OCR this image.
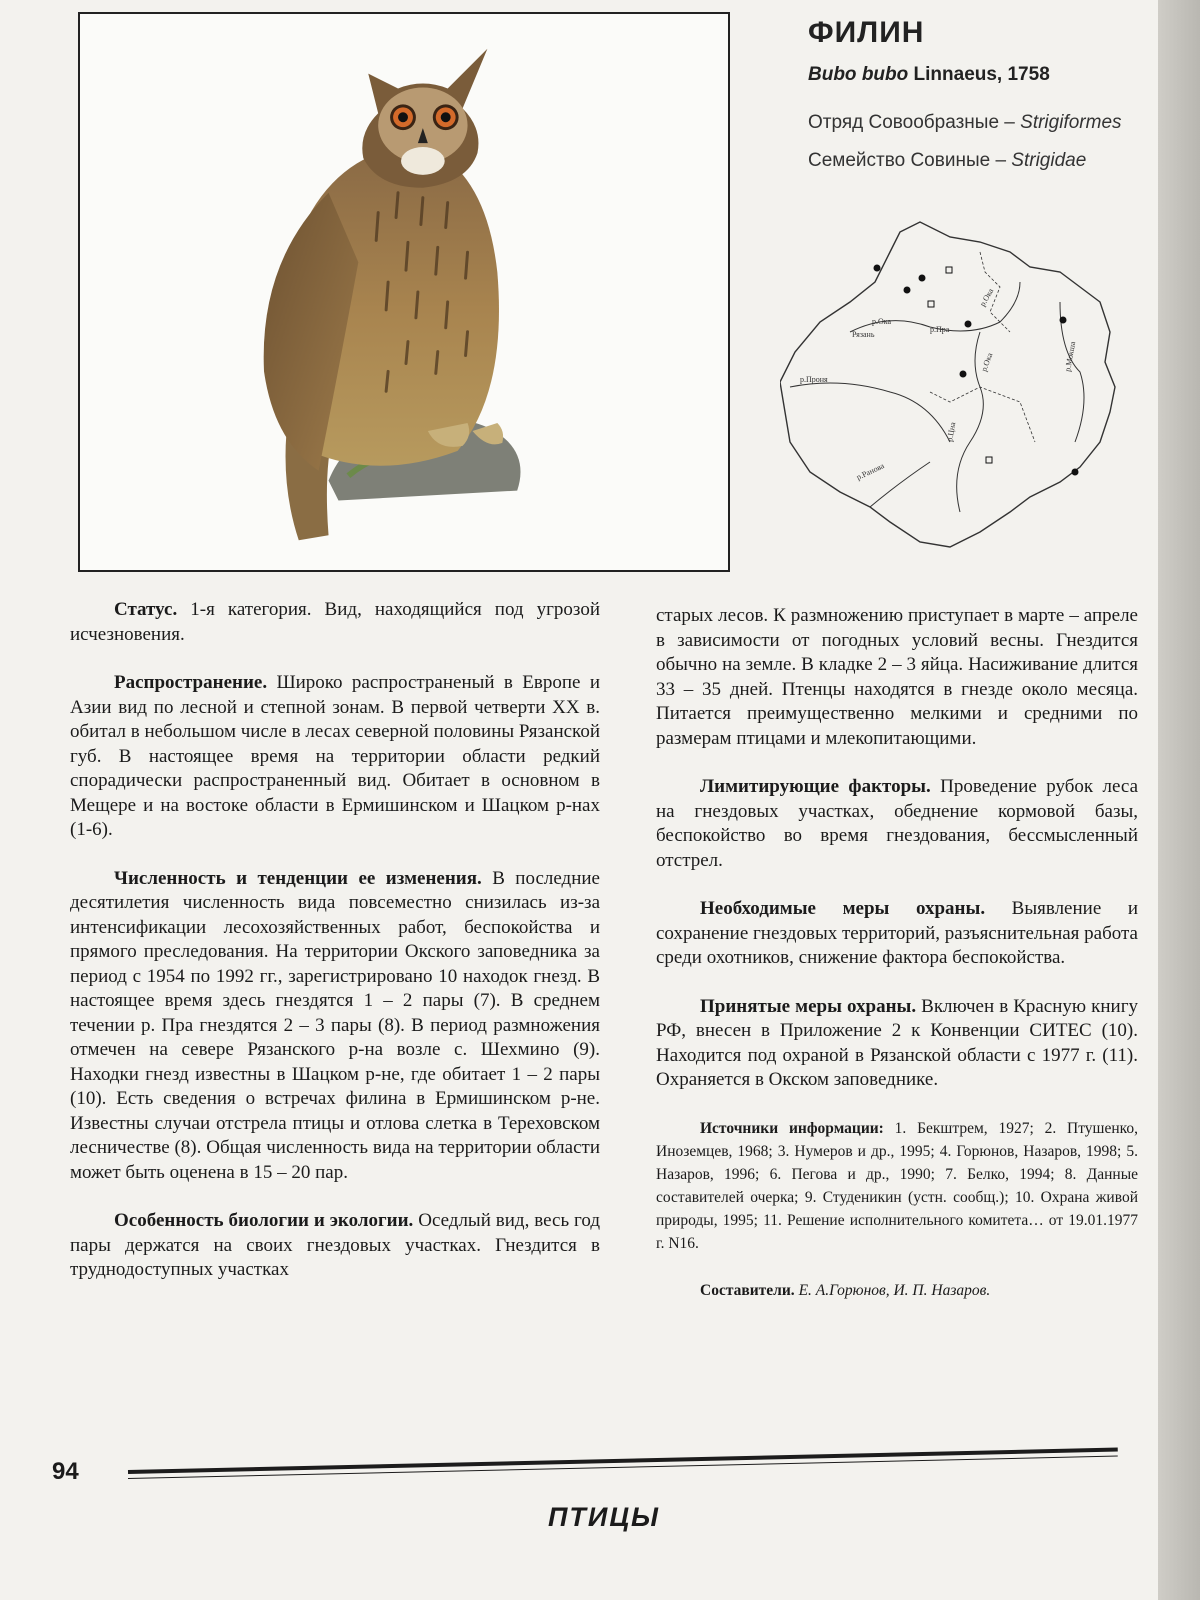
ФИЛИН
Bubo bubo Linnaeus, 1758
Отряд Совообразные – Strigiformes
Семейство Совиные – Strigidae
р.Ока
Рязань
р.Пра
р.Ока
р.Проня
р.Ока	р.Мокша
р.Цна
р.Ранова

Статус. 1-я категория. Вид, находящийся под угрозой исчезновения.

Распространение. Широко распространеный в Европе и Азии вид по лесной и степной зонам. В первой четверти XX в. обитал в небольшом числе в лесах северной половины Рязанской губ. В настоящее время на территории области редкий спорадически распространенный вид. Обитает в основном в Мещере и на востоке области в Ермишинском и Шацком р-нах (1-6).

Численность и тенденции ее изменения. В последние десятилетия численность вида повсеместно снизилась из-за интенсификации лесохозяйственных работ, беспокойства и прямого преследования. На территории Окского заповедника за период с 1954 по 1992 гг., зарегистрировано 10 находок гнезд. В настоящее время здесь гнездятся 1 – 2 пары (7). В среднем течении р. Пра гнездятся 2 – 3 пары (8). В период размножения отмечен на севере Рязанского р-на возле с. Шехмино (9). Находки гнезд известны в Шацком р-не, где обитает 1 – 2 пары (10). Есть сведения о встречах филина в Ермишинском р-не. Известны случаи отстрела птицы и отлова слетка в Тереховском лесничестве (8). Общая численность вида на территории области может быть оценена в 15 – 20 пар.

Особенность биологии и экологии. Оседлый вид, весь год пары держатся на своих гнездовых участках. Гнездится в труднодоступных участках

старых лесов. К размножению приступает в марте – апреле в зависимости от погодных условий весны. Гнездится обычно на земле. В кладке 2 – 3 яйца. Насиживание длится 33 – 35 дней. Птенцы находятся в гнезде около месяца. Питается преимущественно мелкими и средними по размерам птицами и млекопитающими.

Лимитирующие факторы. Проведение рубок леса на гнездовых участках, обеднение кормовой базы, беспокойство во время гнездования, бессмысленный отстрел.

Необходимые меры охраны. Выявление и сохранение гнездовых территорий, разъяснительная работа среди охотников, снижение фактора беспокойства.

Принятые меры охраны. Включен в Красную книгу РФ, внесен в Приложение 2 к Конвенции СИТЕС (10). Находится под охраной в Рязанской области с 1977 г. (11). Охраняется в Окском заповеднике.

Источники информации: 1. Бекштрем, 1927; 2. Птушенко, Иноземцев, 1968; 3. Нумеров и др., 1995; 4. Горюнов, Назаров, 1998; 5. Назаров, 1996; 6. Пегова и др., 1990; 7. Белко, 1994; 8. Данные составителей очерка; 9. Студеникин (устн. сообщ.); 10. Охрана живой природы, 1995; 11. Решение исполнительного комитета… от 19.01.1977 г. N16.

Составители. Е. А.Горюнов, И. П. Назаров.

94
ПТИЦЫ
